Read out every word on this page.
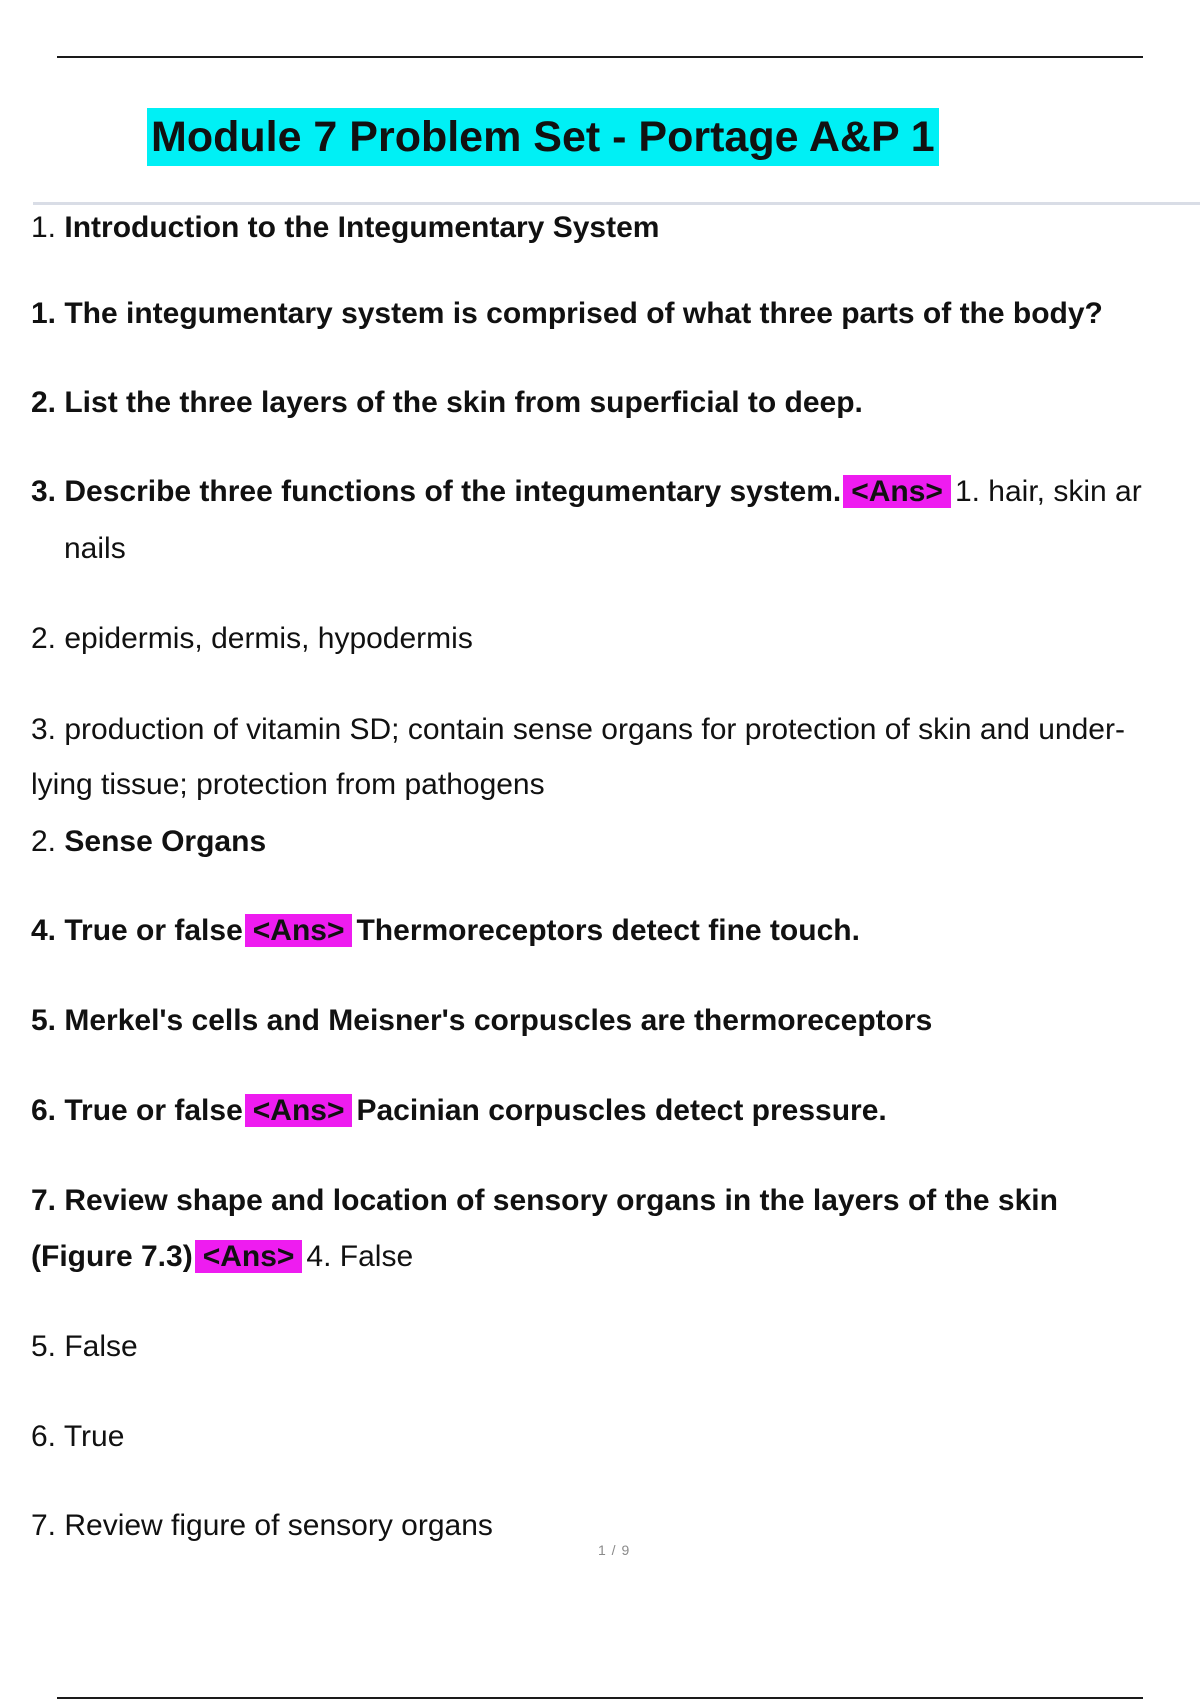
Module 7 Problem Set - Portage A&P 1
1. Introduction to the Integumentary System
1. The integumentary system is comprised of what three parts of the body?
2. List the three layers of the skin from superficial to deep.
3. Describe three functions of the integumentary system. <Ans> 1. hair, skin ar
nails
2. epidermis, dermis, hypodermis
3. production of vitamin SD; contain sense organs for protection of skin and under-
lying tissue; protection from pathogens
2. Sense Organs
4. True or false <Ans> Thermoreceptors detect fine touch.
5. Merkel's cells and Meisner's corpuscles are thermoreceptors
6. True or false <Ans> Pacinian corpuscles detect pressure.
7. Review shape and location of sensory organs in the layers of the skin
(Figure 7.3) <Ans> 4. False
5. False
6. True
7. Review figure of sensory organs
1 / 9
